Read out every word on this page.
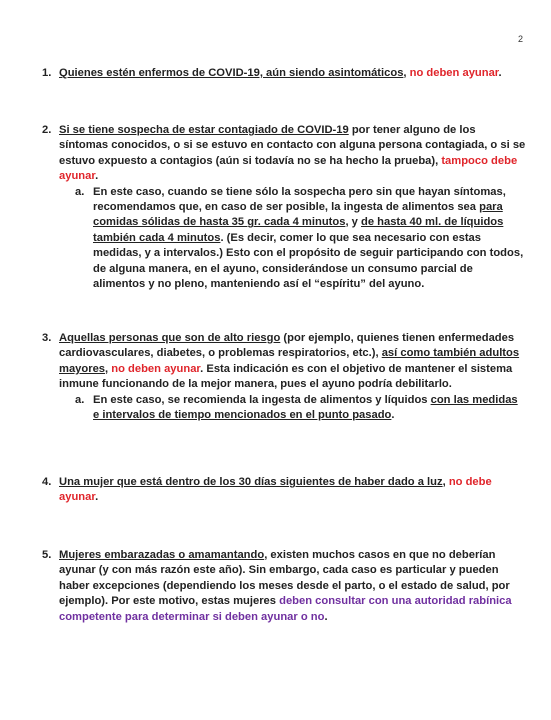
2
1. Quienes estén enfermos de COVID-19, aún siendo asintomáticos, no deben ayunar.
2. Si se tiene sospecha de estar contagiado de COVID-19 por tener alguno de los síntomas conocidos, o si se estuvo en contacto con alguna persona contagiada, o si se estuvo expuesto a contagios (aún si todavía no se ha hecho la prueba), tampoco debe ayunar.
a. En este caso, cuando se tiene sólo la sospecha pero sin que hayan síntomas, recomendamos que, en caso de ser posible, la ingesta de alimentos sea para comidas sólidas de hasta 35 gr. cada 4 minutos, y de hasta 40 ml. de líquidos también cada 4 minutos. (Es decir, comer lo que sea necesario con estas medidas, y a intervalos.) Esto con el propósito de seguir participando con todos, de alguna manera, en el ayuno, considerándose un consumo parcial de alimentos y no pleno, manteniendo así el “espíritu” del ayuno.
3. Aquellas personas que son de alto riesgo (por ejemplo, quienes tienen enfermedades cardiovasculares, diabetes, o problemas respiratorios, etc.), así como también adultos mayores, no deben ayunar. Esta indicación es con el objetivo de mantener el sistema inmune funcionando de la mejor manera, pues el ayuno podría debilitarlo.
a. En este caso, se recomienda la ingesta de alimentos y líquidos con las medidas e intervalos de tiempo mencionados en el punto pasado.
4. Una mujer que está dentro de los 30 días siguientes de haber dado a luz, no debe ayunar.
5. Mujeres embarazadas o amamantando, existen muchos casos en que no deberían ayunar (y con más razón este año). Sin embargo, cada caso es particular y pueden haber excepciones (dependiendo los meses desde el parto, o el estado de salud, por ejemplo). Por este motivo, estas mujeres deben consultar con una autoridad rabínica competente para determinar si deben ayunar o no.
